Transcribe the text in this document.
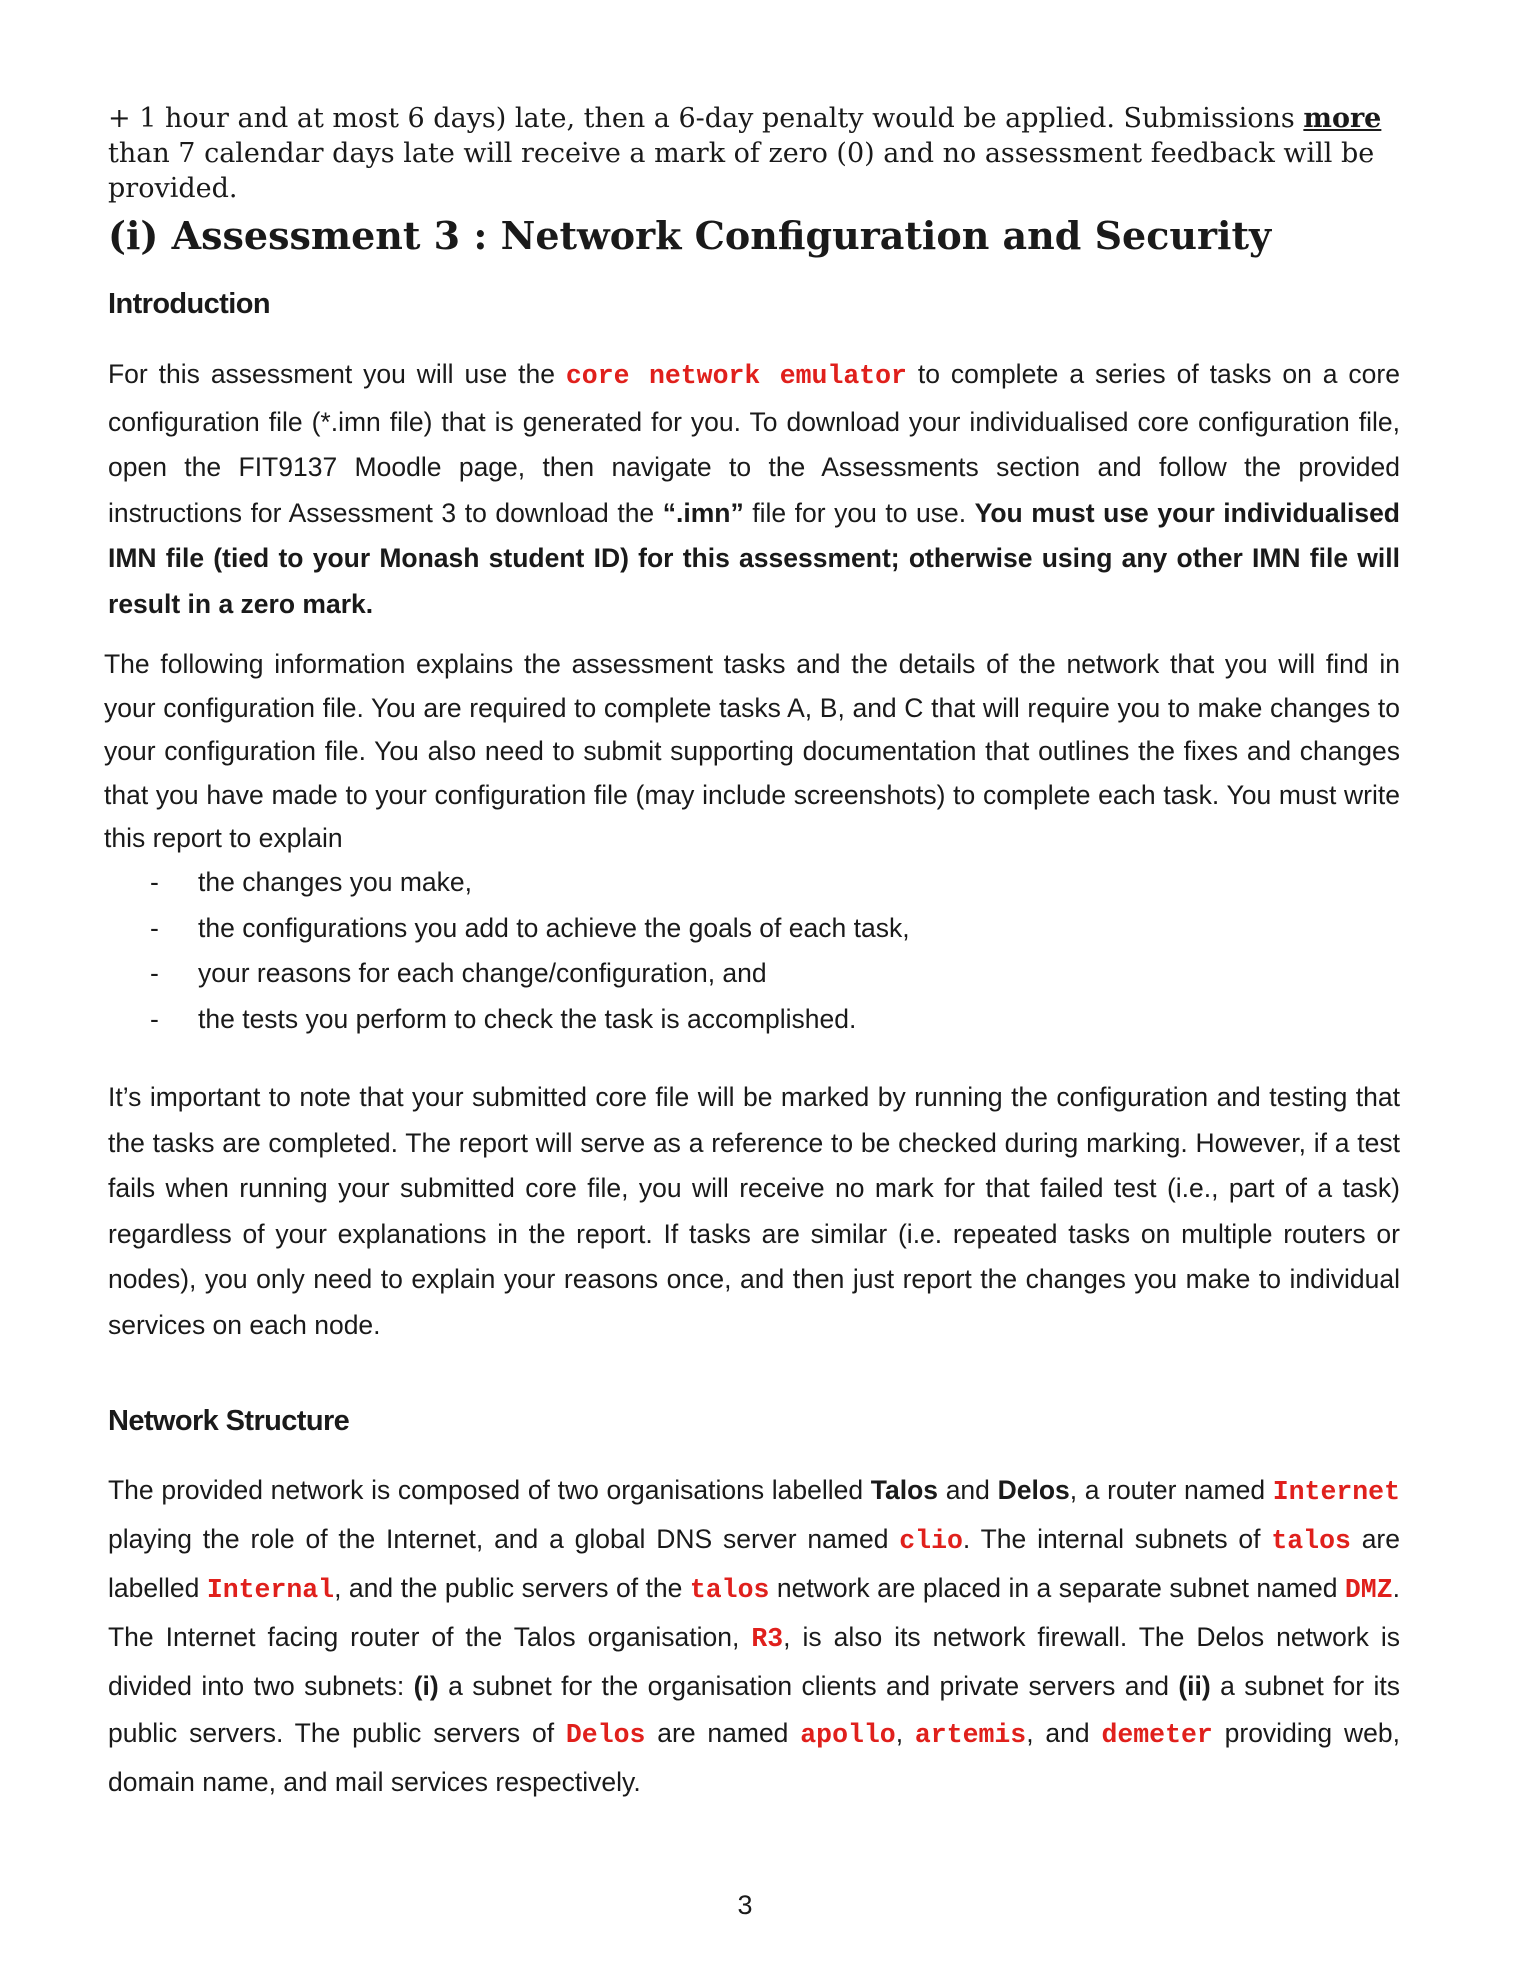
+ 1 hour and at most 6 days) late, then a 6-day penalty would be applied. Submissions more than 7 calendar days late will receive a mark of zero (0) and no assessment feedback will be provided.

(i) Assessment 3 : Network Configuration and Security
Introduction

For this assessment you will use the core network emulator to complete a series of tasks on a core configuration file (*.imn file) that is generated for you. To download your individualised core configuration file, open the FIT9137 Moodle page, then navigate to the Assessments section and follow the provided instructions for Assessment 3 to download the “.imn” file for you to use. You must use your individualised IMN file (tied to your Monash student ID) for this assessment; otherwise using any other IMN file will result in a zero mark.

The following information explains the assessment tasks and the details of the network that you will find in your configuration file. You are required to complete tasks A, B, and C that will require you to make changes to your configuration file. You also need to submit supporting documentation that outlines the fixes and changes that you have made to your configuration file (may include screenshots) to complete each task. You must write this report to explain

- the changes you make,
- the configurations you add to achieve the goals of each task,
- your reasons for each change/configuration, and
- the tests you perform to check the task is accomplished.

It’s important to note that your submitted core file will be marked by running the configuration and testing that the tasks are completed. The report will serve as a reference to be checked during marking. However, if a test fails when running your submitted core file, you will receive no mark for that failed test (i.e., part of a task) regardless of your explanations in the report. If tasks are similar (i.e. repeated tasks on multiple routers or nodes), you only need to explain your reasons once, and then just report the changes you make to individual services on each node.

Network Structure

The provided network is composed of two organisations labelled Talos and Delos, a router named Internet playing the role of the Internet, and a global DNS server named clio. The internal subnets of talos are labelled Internal, and the public servers of the talos network are placed in a separate subnet named DMZ. The Internet facing router of the Talos organisation, R3, is also its network firewall. The Delos network is divided into two subnets: (i) a subnet for the organisation clients and private servers and (ii) a subnet for its public servers. The public servers of Delos are named apollo, artemis, and demeter providing web, domain name, and mail services respectively.

3
